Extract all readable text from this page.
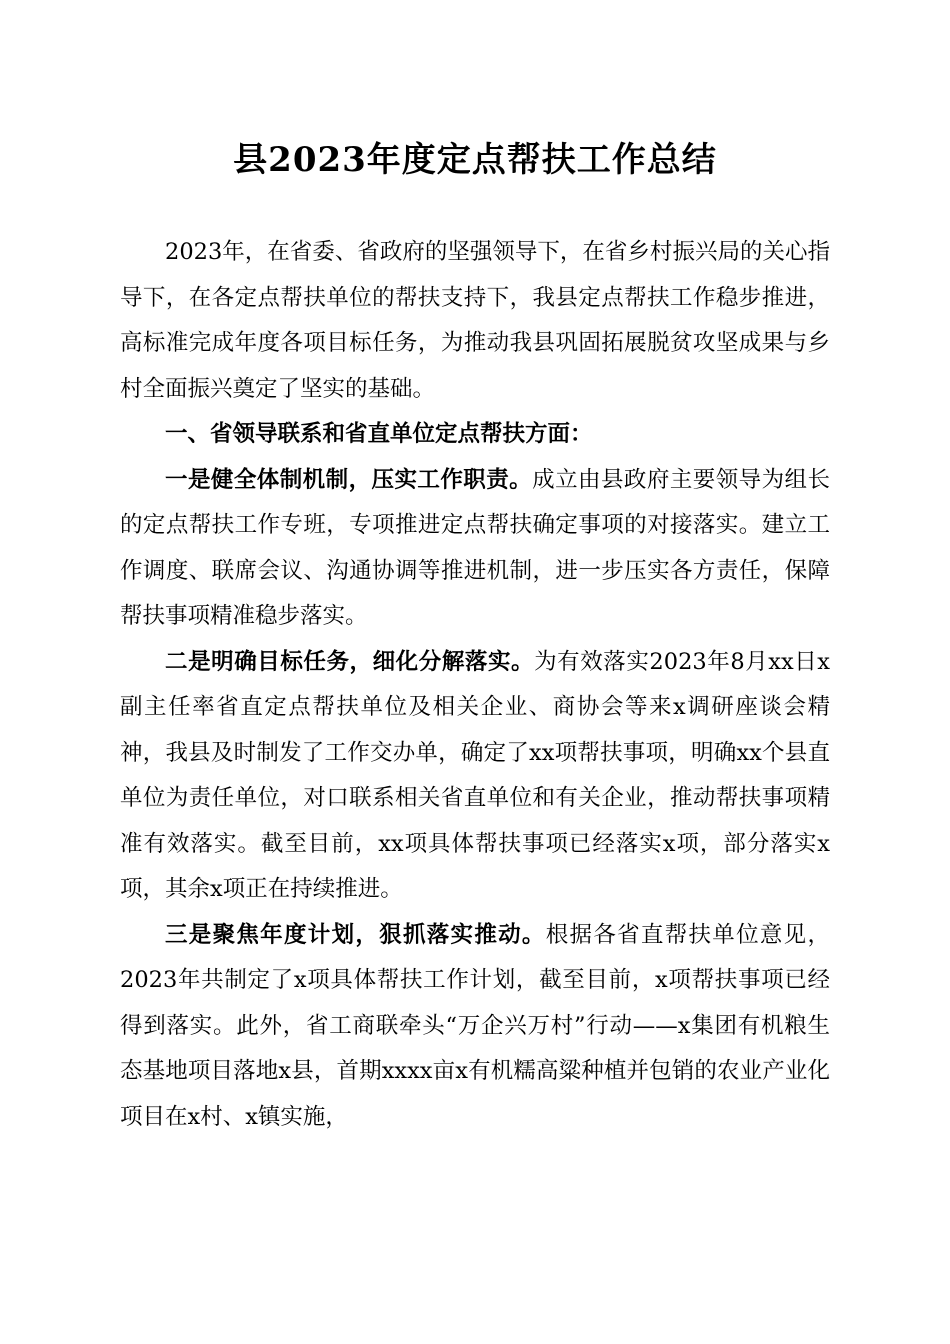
县2023年度定点帮扶工作总结

2023年，在省委、省政府的坚强领导下，在省乡村振兴局的关心指导下，在各定点帮扶单位的帮扶支持下，我县定点帮扶工作稳步推进，高标准完成年度各项目标任务，为推动我县巩固拓展脱贫攻坚成果与乡村全面振兴奠定了坚实的基础。

一、省领导联系和省直单位定点帮扶方面：

一是健全体制机制，压实工作职责。成立由县政府主要领导为组长的定点帮扶工作专班，专项推进定点帮扶确定事项的对接落实。建立工作调度、联席会议、沟通协调等推进机制，进一步压实各方责任，保障帮扶事项精准稳步落实。

二是明确目标任务，细化分解落实。为有效落实2023年8月xx日x副主任率省直定点帮扶单位及相关企业、商协会等来x调研座谈会精神，我县及时制发了工作交办单，确定了xx项帮扶事项，明确xx个县直单位为责任单位，对口联系相关省直单位和有关企业，推动帮扶事项精准有效落实。截至目前，xx项具体帮扶事项已经落实x项，部分落实x项，其余x项正在持续推进。

三是聚焦年度计划，狠抓落实推动。根据各省直帮扶单位意见，2023年共制定了x项具体帮扶工作计划，截至目前，x项帮扶事项已经得到落实。此外，省工商联牵头“万企兴万村”行动——x集团有机粮生态基地项目落地x县，首期xxxx亩x有机糯高粱种植并包销的农业产业化项目在x村、x镇实施，
